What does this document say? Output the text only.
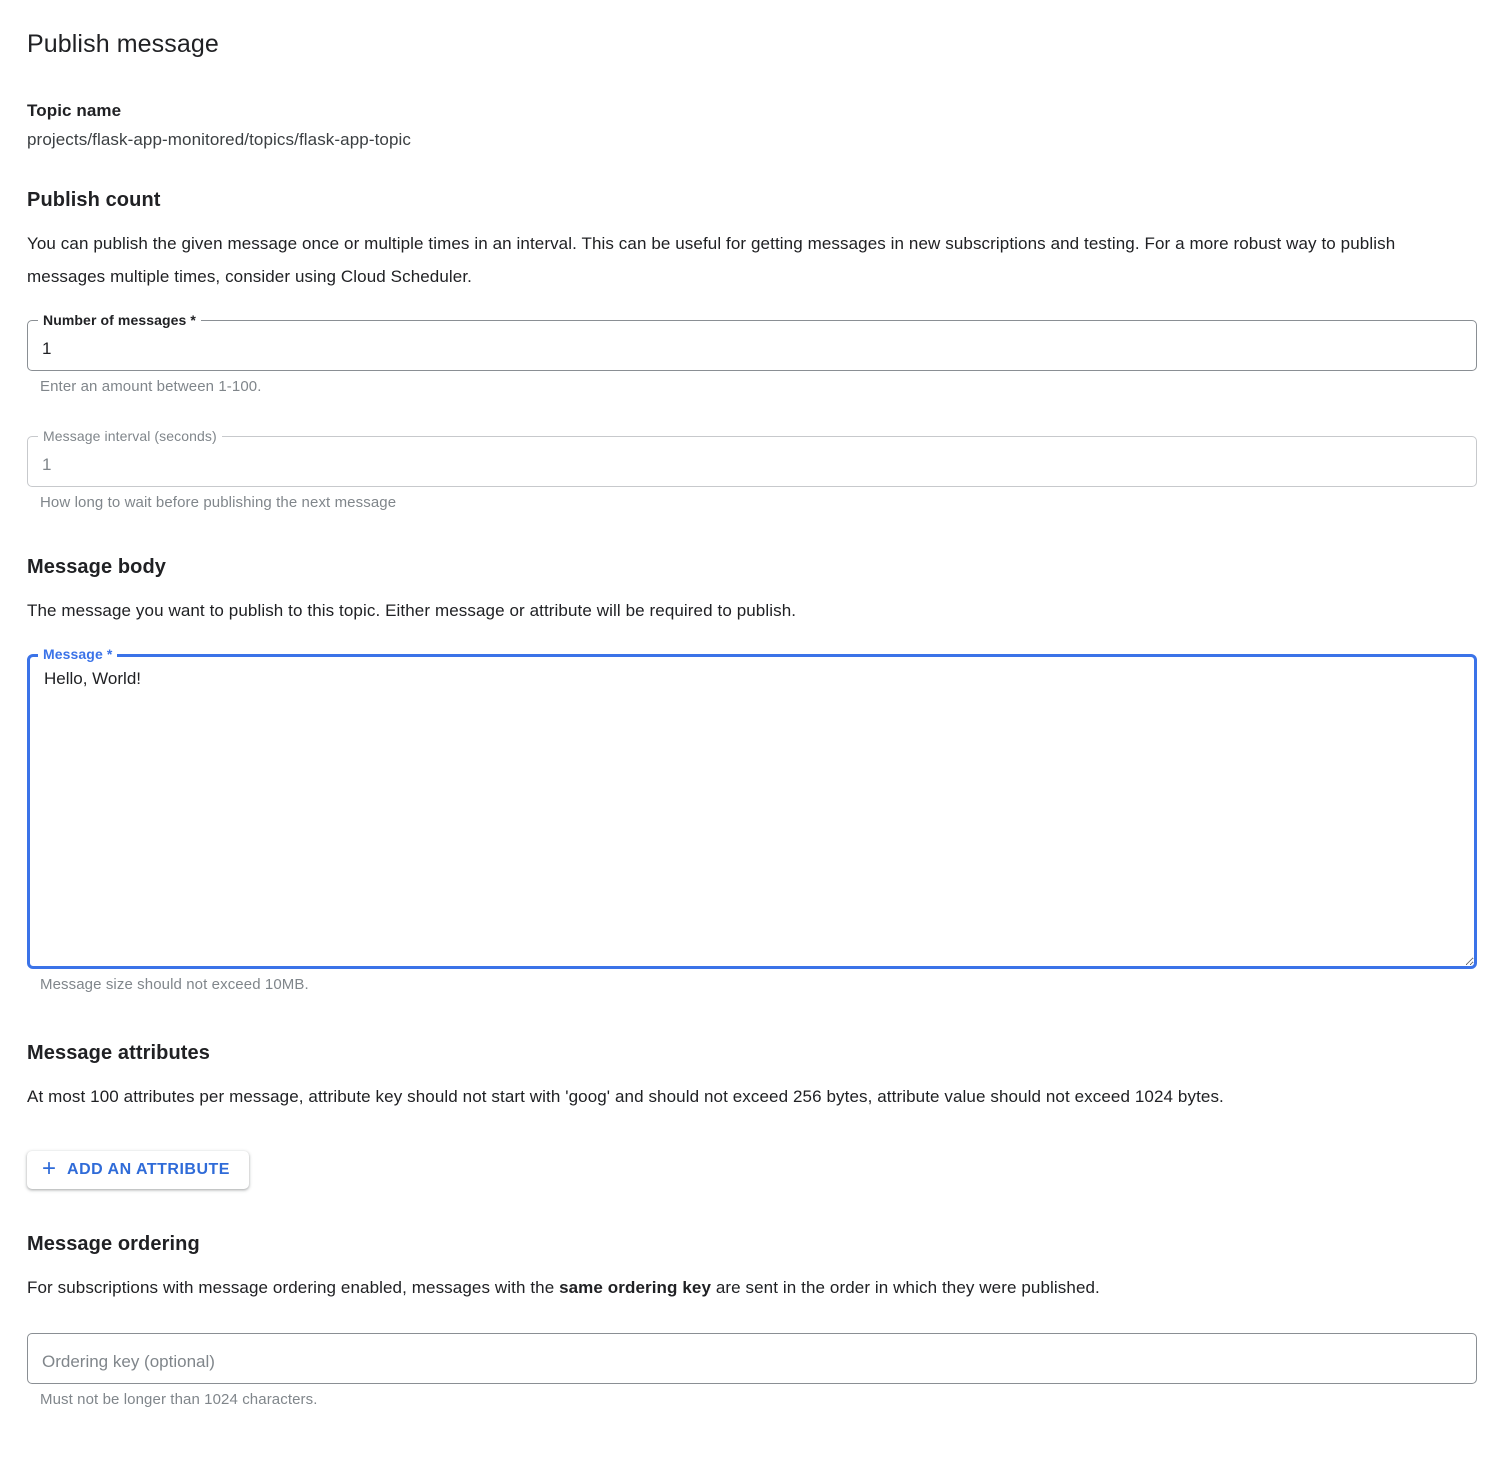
Publish message
Topic name
projects/flask-app-monitored/topics/flask-app-topic
Publish count

You can publish the given message once or multiple times in an interval. This can be useful for getting messages in new subscriptions and testing. For a more robust way to publish messages multiple times, consider using Cloud Scheduler.

Number of messages *
1
Enter an amount between 1-100.
Message interval (seconds)
1
How long to wait before publishing the next message
Message body

The message you want to publish to this topic. Either message or attribute will be required to publish.

Message *
Hello, World!
Message size should not exceed 10MB.
Message attributes

At most 100 attributes per message, attribute key should not start with 'goog' and should not exceed 256 bytes, attribute value should not exceed 1024 bytes.

+ ADD AN ATTRIBUTE
Message ordering

For subscriptions with message ordering enabled, messages with the same ordering key are sent in the order in which they were published.

Ordering key (optional)
Must not be longer than 1024 characters.
